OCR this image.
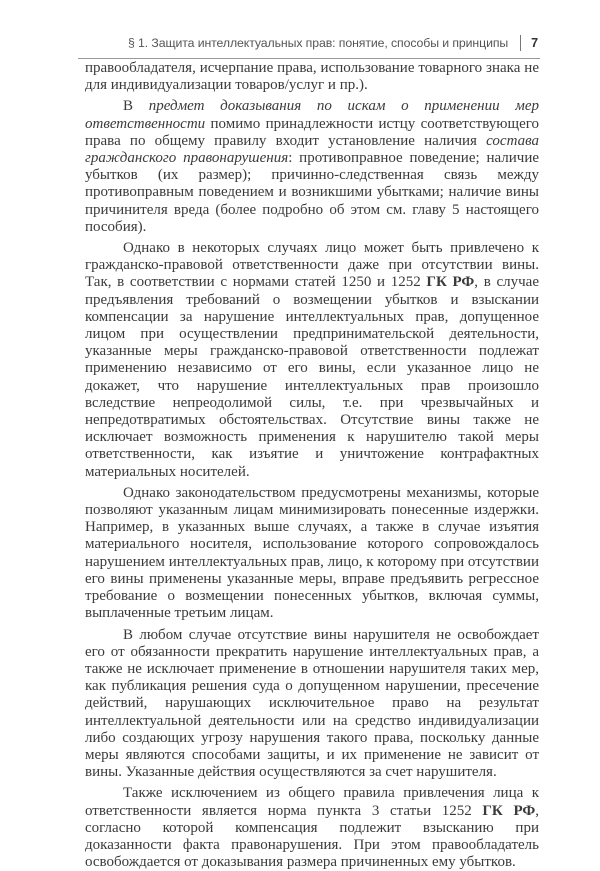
§ 1. Защита интеллектуальных прав: понятие, способы и принципы 7

правообладателя, исчерпание права, использование товарного знака не для индивидуализации товаров/услуг и пр.).

В предмет доказывания по искам о применении мер ответственности помимо принадлежности истцу соответствующего права по общему правилу входит установление наличия состава гражданского правонарушения: противоправное поведение; наличие убытков (их размер); причинно-следственная связь между противоправным поведением и возникшими убытками; наличие вины причинителя вреда (более подробно об этом см. главу 5 настоящего пособия).

Однако в некоторых случаях лицо может быть привлечено к гражданско-правовой ответственности даже при отсутствии вины. Так, в соответствии с нормами статей 1250 и 1252 ГК РФ, в случае предъявления требований о возмещении убытков и взыскании компенсации за нарушение интеллектуальных прав, допущенное лицом при осуществлении предпринимательской деятельности, указанные меры гражданско-правовой ответственности подлежат применению независимо от его вины, если указанное лицо не докажет, что нарушение интеллектуальных прав произошло вследствие непреодолимой силы, т.е. при чрезвычайных и непредотвратимых обстоятельствах. Отсутствие вины также не исключает возможность применения к нарушителю такой меры ответственности, как изъятие и уничтожение контрафактных материальных носителей.

Однако законодательством предусмотрены механизмы, которые позволяют указанным лицам минимизировать понесенные издержки. Например, в указанных выше случаях, а также в случае изъятия материального носителя, использование которого сопровождалось нарушением интеллектуальных прав, лицо, к которому при отсутствии его вины применены указанные меры, вправе предъявить регрессное требование о возмещении понесенных убытков, включая суммы, выплаченные третьим лицам.

В любом случае отсутствие вины нарушителя не освобождает его от обязанности прекратить нарушение интеллектуальных прав, а также не исключает применение в отношении нарушителя таких мер, как публикация решения суда о допущенном нарушении, пресечение действий, нарушающих исключительное право на результат интеллектуальной деятельности или на средство индивидуализации либо создающих угрозу нарушения такого права, поскольку данные меры являются способами защиты, и их применение не зависит от вины. Указанные действия осуществляются за счет нарушителя.

Также исключением из общего правила привлечения лица к ответственности является норма пункта 3 статьи 1252 ГК РФ, согласно которой компенсация подлежит взысканию при доказанности факта правонарушения. При этом правообладатель освобождается от доказывания размера причиненных ему убытков.
